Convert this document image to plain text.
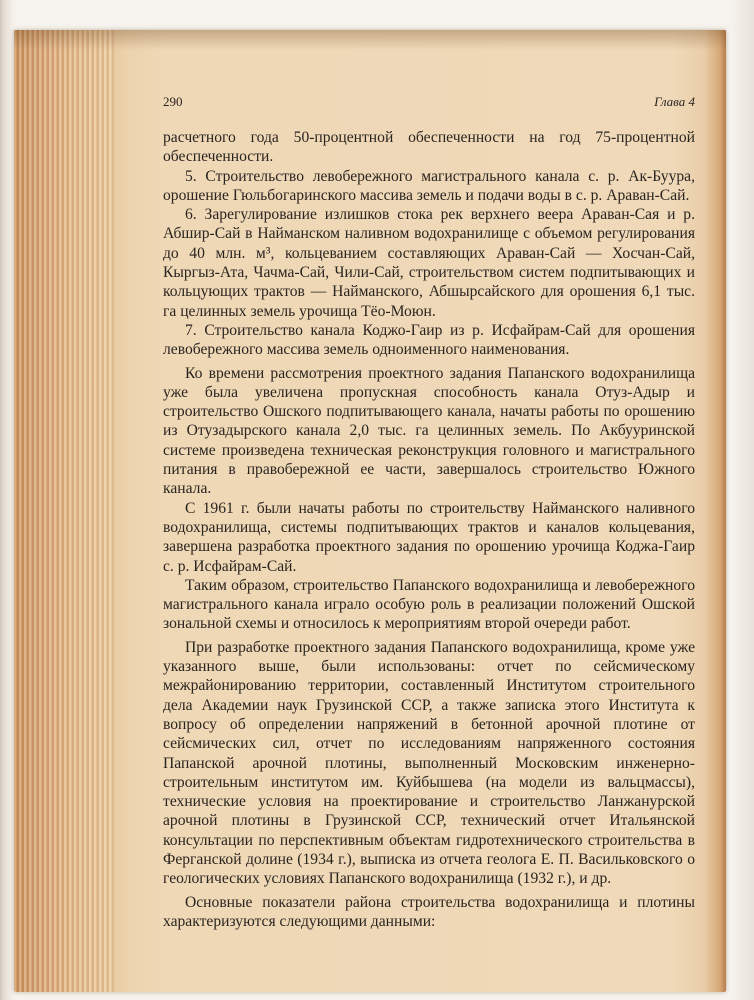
290	Глава 4

расчетного года 50-процентной обеспеченности на год 75-процентной обеспеченности.

5. Строительство левобережного магистрального канала с. р. Ак-Буура, орошение Гюльбогаринского массива земель и подачи воды в с. р. Араван-Сай.

6. Зарегулирование излишков стока рек верхнего веера Араван-Сая и р. Абшир-Сай в Найманском наливном водохранилище с объемом регулирования до 40 млн. м³, кольцеванием составляющих Араван-Сай — Хосчан-Сай, Кыргыз-Ата, Чачма-Сай, Чили-Сай, строительством систем подпитывающих и кольцующих трактов — Найманского, Абшырсайского для орошения 6,1 тыс. га целинных земель урочища Тёо-Моюн.

7. Строительство канала Коджо-Гаир из р. Исфайрам-Сай для орошения левобережного массива земель одноименного наименования.

Ко времени рассмотрения проектного задания Папанского водохранилища уже была увеличена пропускная способность канала Отуз-Адыр и строительство Ошского подпитывающего канала, начаты работы по орошению из Отузадырского канала 2,0 тыс. га целинных земель. По Акбууринской системе произведена техническая реконструкция головного и магистрального питания в правобережной ее части, завершалось строительство Южного канала.

С 1961 г. были начаты работы по строительству Найманского наливного водохранилища, системы подпитывающих трактов и каналов кольцевания, завершена разработка проектного задания по орошению урочища Коджа-Гаир с. р. Исфайрам-Сай.

Таким образом, строительство Папанского водохранилища и левобережного магистрального канала играло особую роль в реализации положений Ошской зональной схемы и относилось к мероприятиям второй очереди работ.

При разработке проектного задания Папанского водохранилища, кроме уже указанного выше, были использованы: отчет по сейсмическому межрайонированию территории, составленный Институтом строительного дела Академии наук Грузинской ССР, а также записка этого Института к вопросу об определении напряжений в бетонной арочной плотине от сейсмических сил, отчет по исследованиям напряженного состояния Папанской арочной плотины, выполненный Московским инженерно-строительным институтом им. Куйбышева (на модели из вальцмассы), технические условия на проектирование и строительство Ланжанурской арочной плотины в Грузинской ССР, технический отчет Итальянской консультации по перспективным объектам гидротехнического строительства в Ферганской долине (1934 г.), выписка из отчета геолога Е. П. Васильковского о геологических условиях Папанского водохранилища (1932 г.), и др.

Основные показатели района строительства водохранилища и плотины характеризуются следующими данными:
